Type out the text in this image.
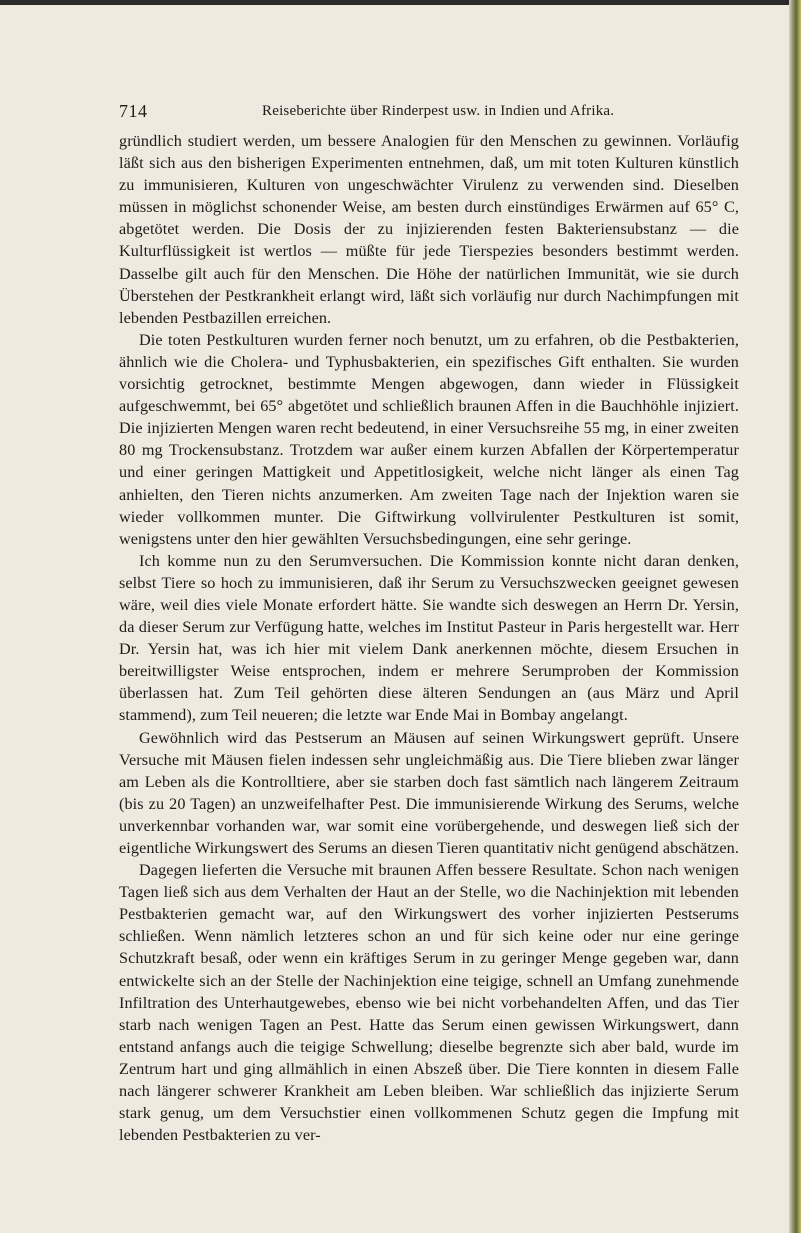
714	Reiseberichte über Rinderpest usw. in Indien und Afrika.

gründlich studiert werden, um bessere Analogien für den Menschen zu gewinnen. Vorläufig läßt sich aus den bisherigen Experimenten entnehmen, daß, um mit toten Kulturen künstlich zu immunisieren, Kulturen von ungeschwächter Virulenz zu verwenden sind. Dieselben müssen in möglichst schonender Weise, am besten durch einstündiges Erwärmen auf 65° C, abgetötet werden. Die Dosis der zu injizierenden festen Bakteriensubstanz — die Kulturflüssigkeit ist wertlos — müßte für jede Tierspezies besonders bestimmt werden. Dasselbe gilt auch für den Menschen. Die Höhe der natürlichen Immunität, wie sie durch Überstehen der Pestkrankheit erlangt wird, läßt sich vorläufig nur durch Nachimpfungen mit lebenden Pestbazillen erreichen.

Die toten Pestkulturen wurden ferner noch benutzt, um zu erfahren, ob die Pestbakterien, ähnlich wie die Cholera- und Typhusbakterien, ein spezifisches Gift enthalten. Sie wurden vorsichtig getrocknet, bestimmte Mengen abgewogen, dann wieder in Flüssigkeit aufgeschwemmt, bei 65° abgetötet und schließlich braunen Affen in die Bauchhöhle injiziert. Die injizierten Mengen waren recht bedeutend, in einer Versuchsreihe 55 mg, in einer zweiten 80 mg Trockensubstanz. Trotzdem war außer einem kurzen Abfallen der Körpertemperatur und einer geringen Mattigkeit und Appetitlosigkeit, welche nicht länger als einen Tag anhielten, den Tieren nichts anzumerken. Am zweiten Tage nach der Injektion waren sie wieder vollkommen munter. Die Giftwirkung vollvirulenter Pestkulturen ist somit, wenigstens unter den hier gewählten Versuchsbedingungen, eine sehr geringe.

Ich komme nun zu den Serumversuchen. Die Kommission konnte nicht daran denken, selbst Tiere so hoch zu immunisieren, daß ihr Serum zu Versuchszwecken geeignet gewesen wäre, weil dies viele Monate erfordert hätte. Sie wandte sich deswegen an Herrn Dr. Yersin, da dieser Serum zur Verfügung hatte, welches im Institut Pasteur in Paris hergestellt war. Herr Dr. Yersin hat, was ich hier mit vielem Dank anerkennen möchte, diesem Ersuchen in bereitwilligster Weise entsprochen, indem er mehrere Serumproben der Kommission überlassen hat. Zum Teil gehörten diese älteren Sendungen an (aus März und April stammend), zum Teil neueren; die letzte war Ende Mai in Bombay angelangt.

Gewöhnlich wird das Pestserum an Mäusen auf seinen Wirkungswert geprüft. Unsere Versuche mit Mäusen fielen indessen sehr ungleichmäßig aus. Die Tiere blieben zwar länger am Leben als die Kontrolltiere, aber sie starben doch fast sämtlich nach längerem Zeitraum (bis zu 20 Tagen) an unzweifelhafter Pest. Die immunisierende Wirkung des Serums, welche unverkennbar vorhanden war, war somit eine vorübergehende, und deswegen ließ sich der eigentliche Wirkungswert des Serums an diesen Tieren quantitativ nicht genügend abschätzen.

Dagegen lieferten die Versuche mit braunen Affen bessere Resultate. Schon nach wenigen Tagen ließ sich aus dem Verhalten der Haut an der Stelle, wo die Nachinjektion mit lebenden Pestbakterien gemacht war, auf den Wirkungswert des vorher injizierten Pestserums schließen. Wenn nämlich letzteres schon an und für sich keine oder nur eine geringe Schutzkraft besaß, oder wenn ein kräftiges Serum in zu geringer Menge gegeben war, dann entwickelte sich an der Stelle der Nachinjektion eine teigige, schnell an Umfang zunehmende Infiltration des Unterhautgewebes, ebenso wie bei nicht vorbehandelten Affen, und das Tier starb nach wenigen Tagen an Pest. Hatte das Serum einen gewissen Wirkungswert, dann entstand anfangs auch die teigige Schwellung; dieselbe begrenzte sich aber bald, wurde im Zentrum hart und ging allmählich in einen Abszeß über. Die Tiere konnten in diesem Falle nach längerer schwerer Krankheit am Leben bleiben. War schließlich das injizierte Serum stark genug, um dem Versuchstier einen vollkommenen Schutz gegen die Impfung mit lebenden Pestbakterien zu ver-
